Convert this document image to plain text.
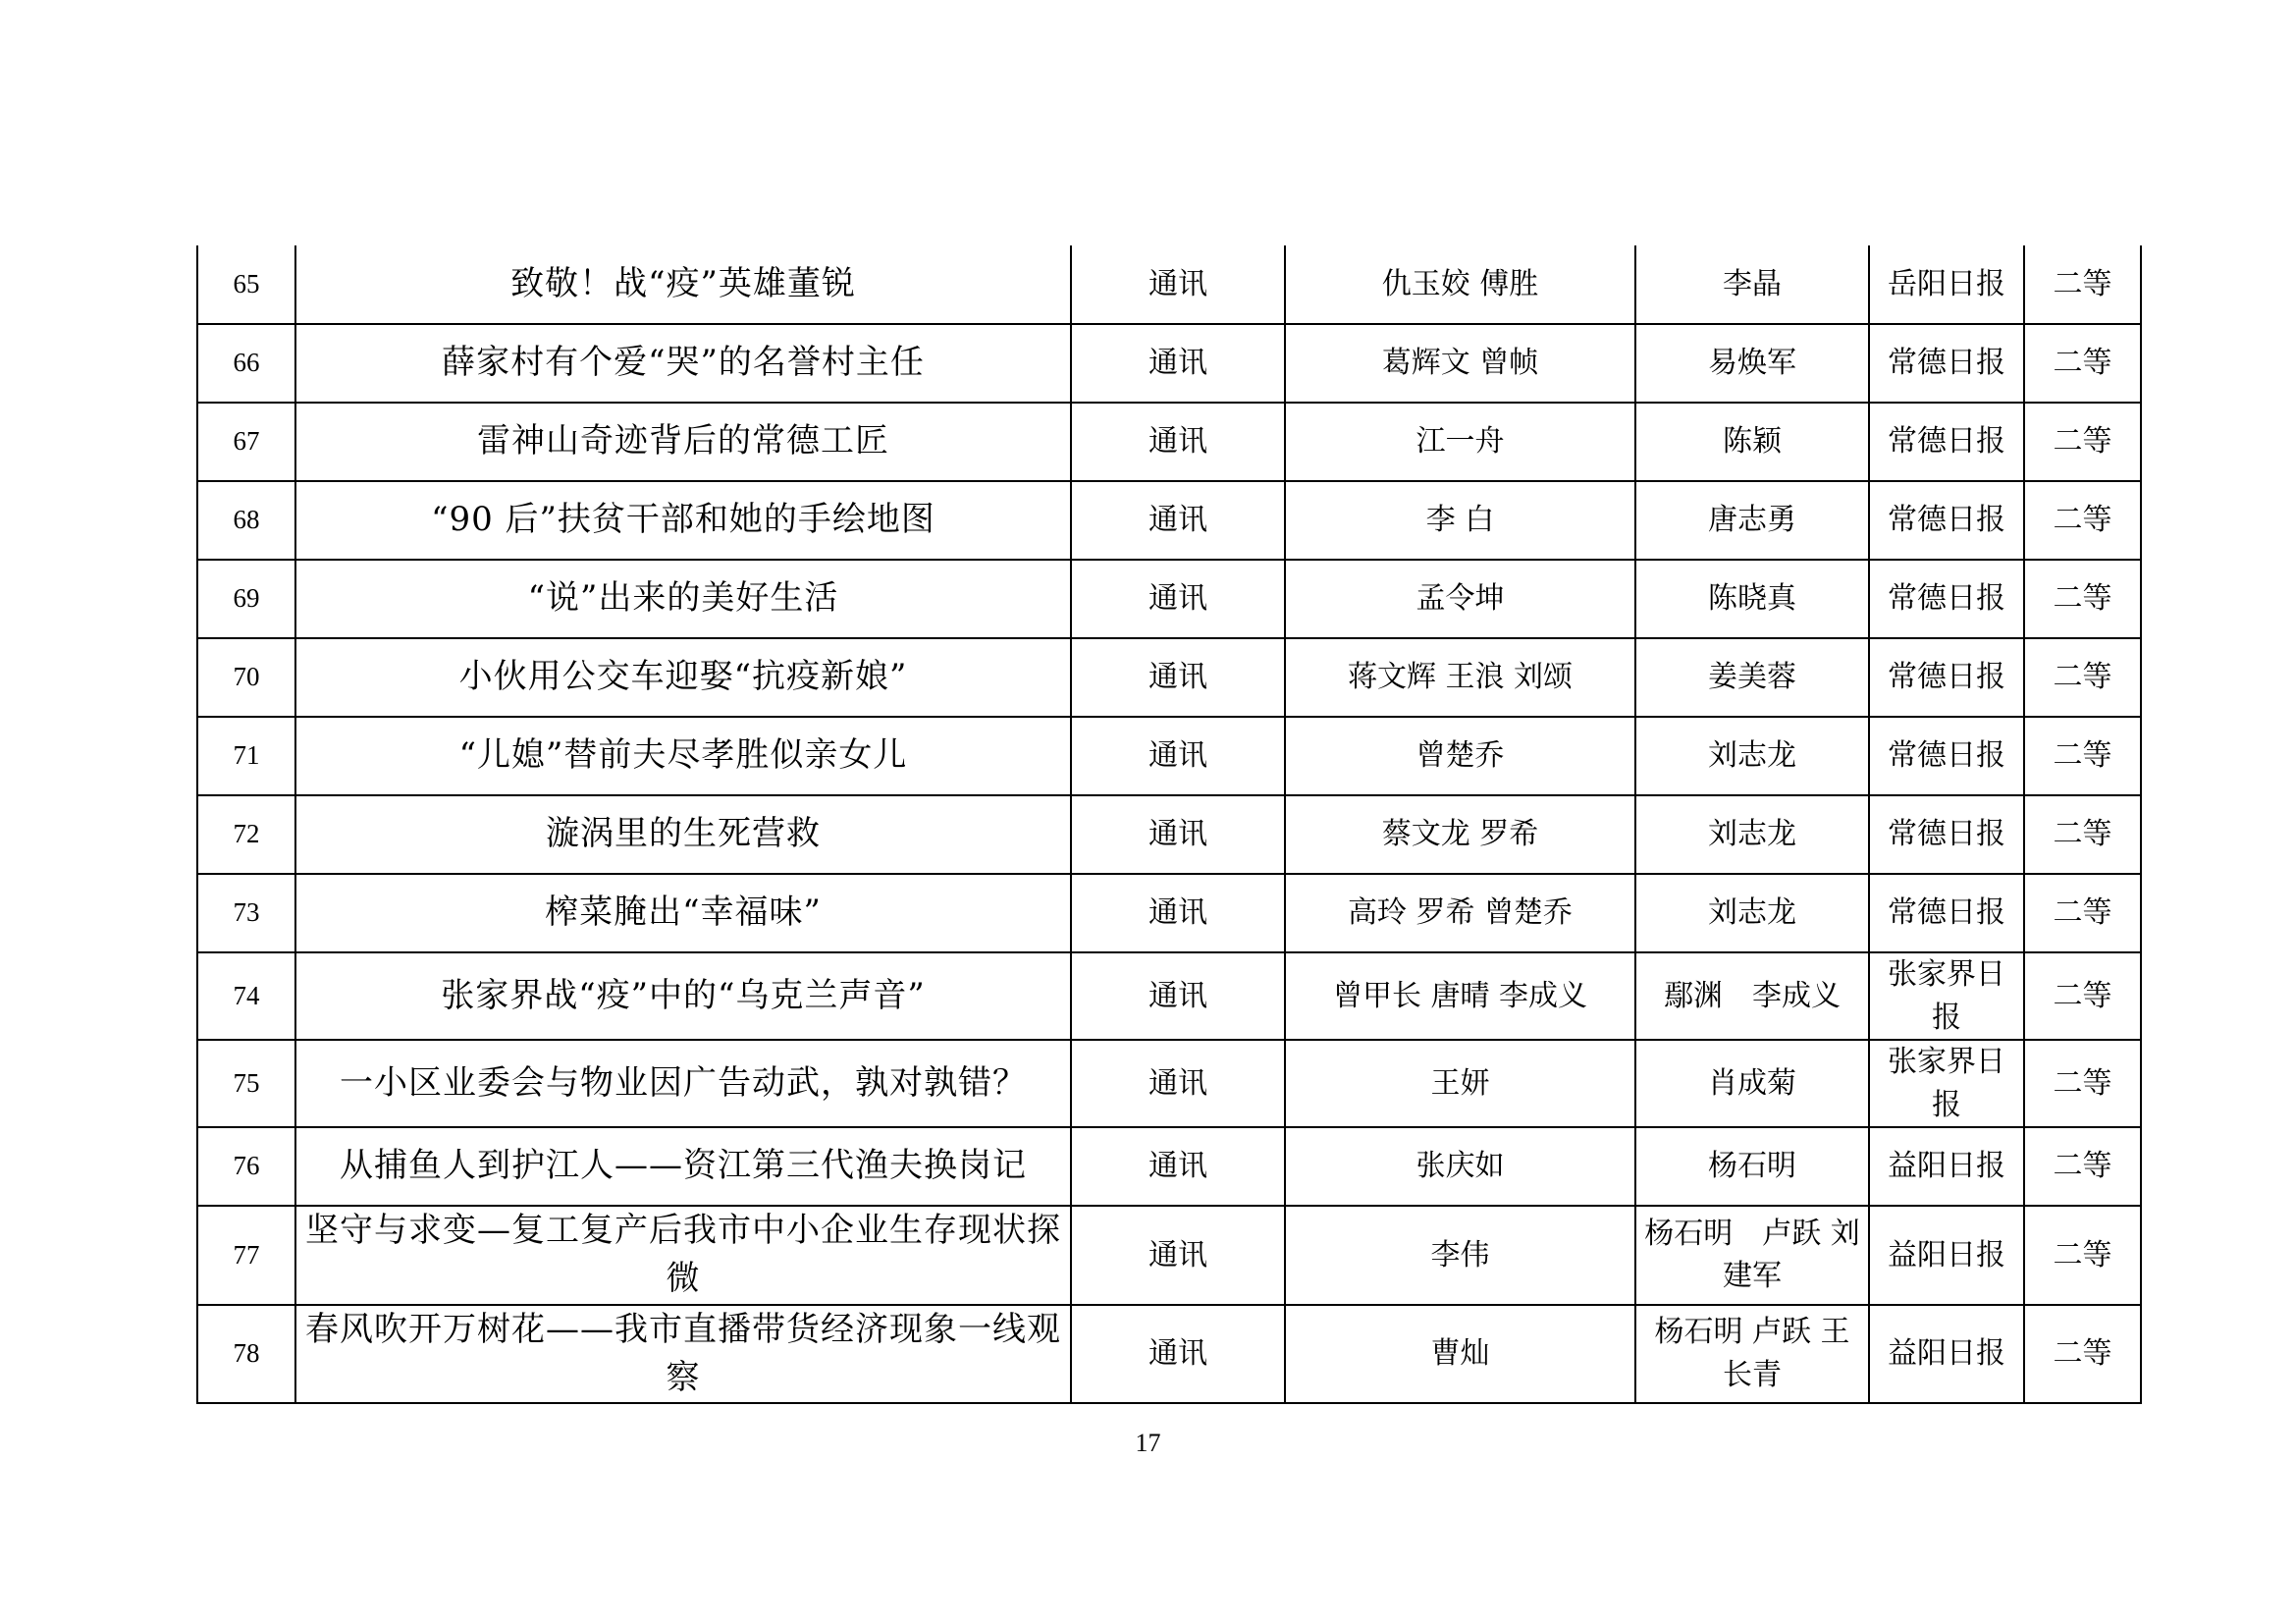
65	致敬！战“疫”英雄董锐	通讯	仇玉姣 傅胜	李晶	岳阳日报	二等
66	薛家村有个爱“哭”的名誉村主任	通讯	葛辉文 曾帧	易焕军	常德日报	二等
67	雷神山奇迹背后的常德工匠	通讯	江一舟	陈颖	常德日报	二等
68	“90 后”扶贫干部和她的手绘地图	通讯	李 白	唐志勇	常德日报	二等
69	“说”出来的美好生活	通讯	孟令坤	陈晓真	常德日报	二等
70	小伙用公交车迎娶“抗疫新娘”	通讯	蒋文辉 王浪 刘颂	姜美蓉	常德日报	二等
71	“儿媳”替前夫尽孝胜似亲女儿	通讯	曾楚乔	刘志龙	常德日报	二等
72	漩涡里的生死营救	通讯	蔡文龙 罗希	刘志龙	常德日报	二等
73	榨菜腌出“幸福味”	通讯	高玲 罗希 曾楚乔	刘志龙	常德日报	二等
74	张家界战“疫”中的“乌克兰声音”	通讯	曾甲长 唐晴 李成义	鄢渊　李成义	张家界日报	二等
75	一小区业委会与物业因广告动武，孰对孰错？	通讯	王妍	肖成菊	张家界日报	二等
76	从捕鱼人到护江人——资江第三代渔夫换岗记	通讯	张庆如	杨石明	益阳日报	二等
77	坚守与求变—复工复产后我市中小企业生存现状探微	通讯	李伟	杨石明　卢跃 刘建军	益阳日报	二等
78	春风吹开万树花——我市直播带货经济现象一线观察	通讯	曹灿	杨石明 卢跃 王长青	益阳日报	二等
17
